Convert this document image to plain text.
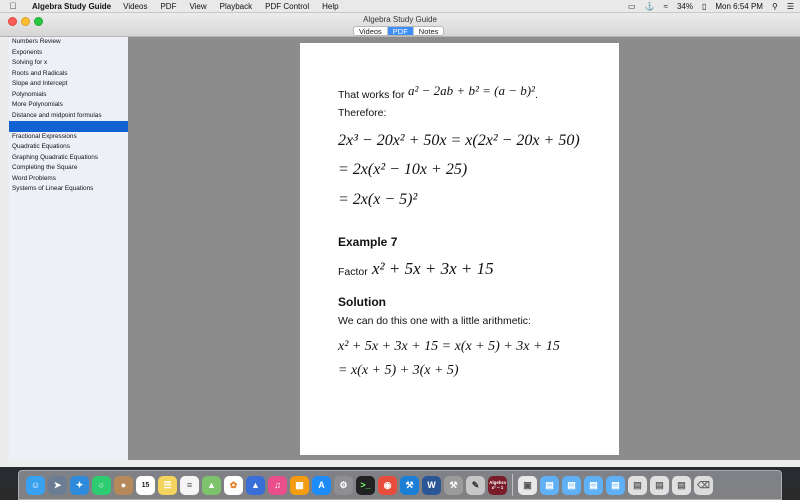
Algebra Study Guide Videos PDF View Playback PDF Control Help	▭ ⚓ ≈ 34% ▯ Mon 6:54 PM ⚲ ☰
Algebra Study Guide
Videos	PDF	Notes
Numbers Review
Exponents
Solving for x
Roots and Radicals
Slope and Intercept
Polynomials
More Polynomials
Distance and midpoint formulas
Fractional Expressions
Quadratic Equations
Graphing Quadratic Equations
Completing the Square
Word Problems
Systems of Linear Equations
That works for a² − 2ab + b² = (a − b)² .
Therefore:
2x³ − 20x² + 50x = x(2x² − 20x + 50)
= 2x(x² − 10x + 25)
= 2x(x − 5)²
Example 7
Factor x² + 5x + 3x + 15
Solution
We can do this one with a little arithmetic:
x² + 5x + 3x + 15 = x(x + 5) + 3x + 15
= x(x + 5) + 3(x + 5)
☺	➤	✦	○	●	15	☰	≡	▲	✿	▲	♫	▦	A	⚙	>_	◉	⚒	W	⚒	✎	Algebra
x² − 1	▣	▤	▤	▤	▤	▤	▤	▤	⌫
